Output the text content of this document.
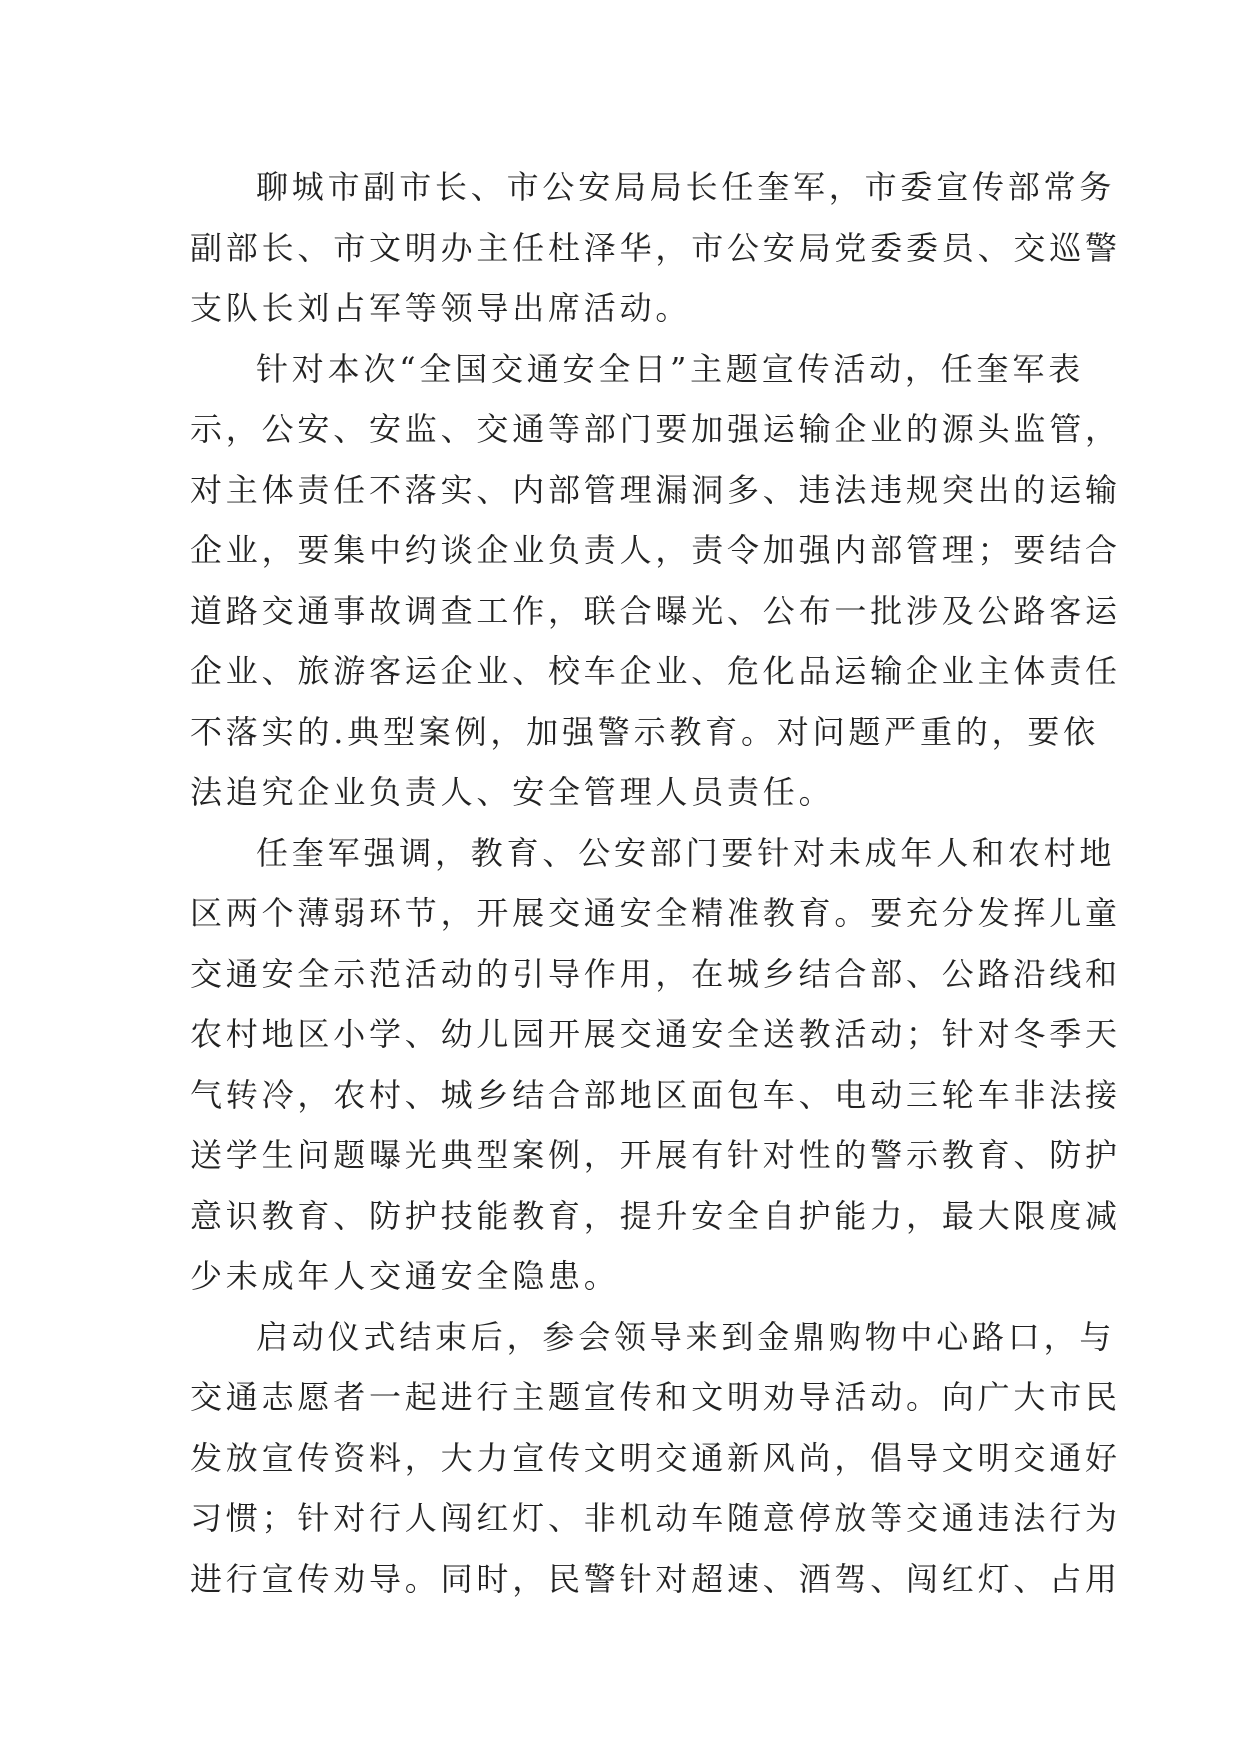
聊城市副市长、市公安局局长任奎军，市委宣传部常务

副部长、市文明办主任杜泽华，市公安局党委委员、交巡警

支队长刘占军等领导出席活动。

针对本次“全国交通安全日”主题宣传活动，任奎军表

示，公安、安监、交通等部门要加强运输企业的源头监管，

对主体责任不落实、内部管理漏洞多、违法违规突出的运输

企业，要集中约谈企业负责人，责令加强内部管理；要结合

道路交通事故调查工作，联合曝光、公布一批涉及公路客运

企业、旅游客运企业、校车企业、危化品运输企业主体责任

不落实的.典型案例，加强警示教育。对问题严重的，要依

法追究企业负责人、安全管理人员责任。

任奎军强调，教育、公安部门要针对未成年人和农村地

区两个薄弱环节，开展交通安全精准教育。要充分发挥儿童

交通安全示范活动的引导作用，在城乡结合部、公路沿线和

农村地区小学、幼儿园开展交通安全送教活动；针对冬季天

气转冷，农村、城乡结合部地区面包车、电动三轮车非法接

送学生问题曝光典型案例，开展有针对性的警示教育、防护

意识教育、防护技能教育，提升安全自护能力，最大限度减

少未成年人交通安全隐患。

启动仪式结束后，参会领导来到金鼎购物中心路口，与

交通志愿者一起进行主题宣传和文明劝导活动。向广大市民

发放宣传资料，大力宣传文明交通新风尚，倡导文明交通好

习惯；针对行人闯红灯、非机动车随意停放等交通违法行为

进行宣传劝导。同时，民警针对超速、酒驾、闯红灯、占用
